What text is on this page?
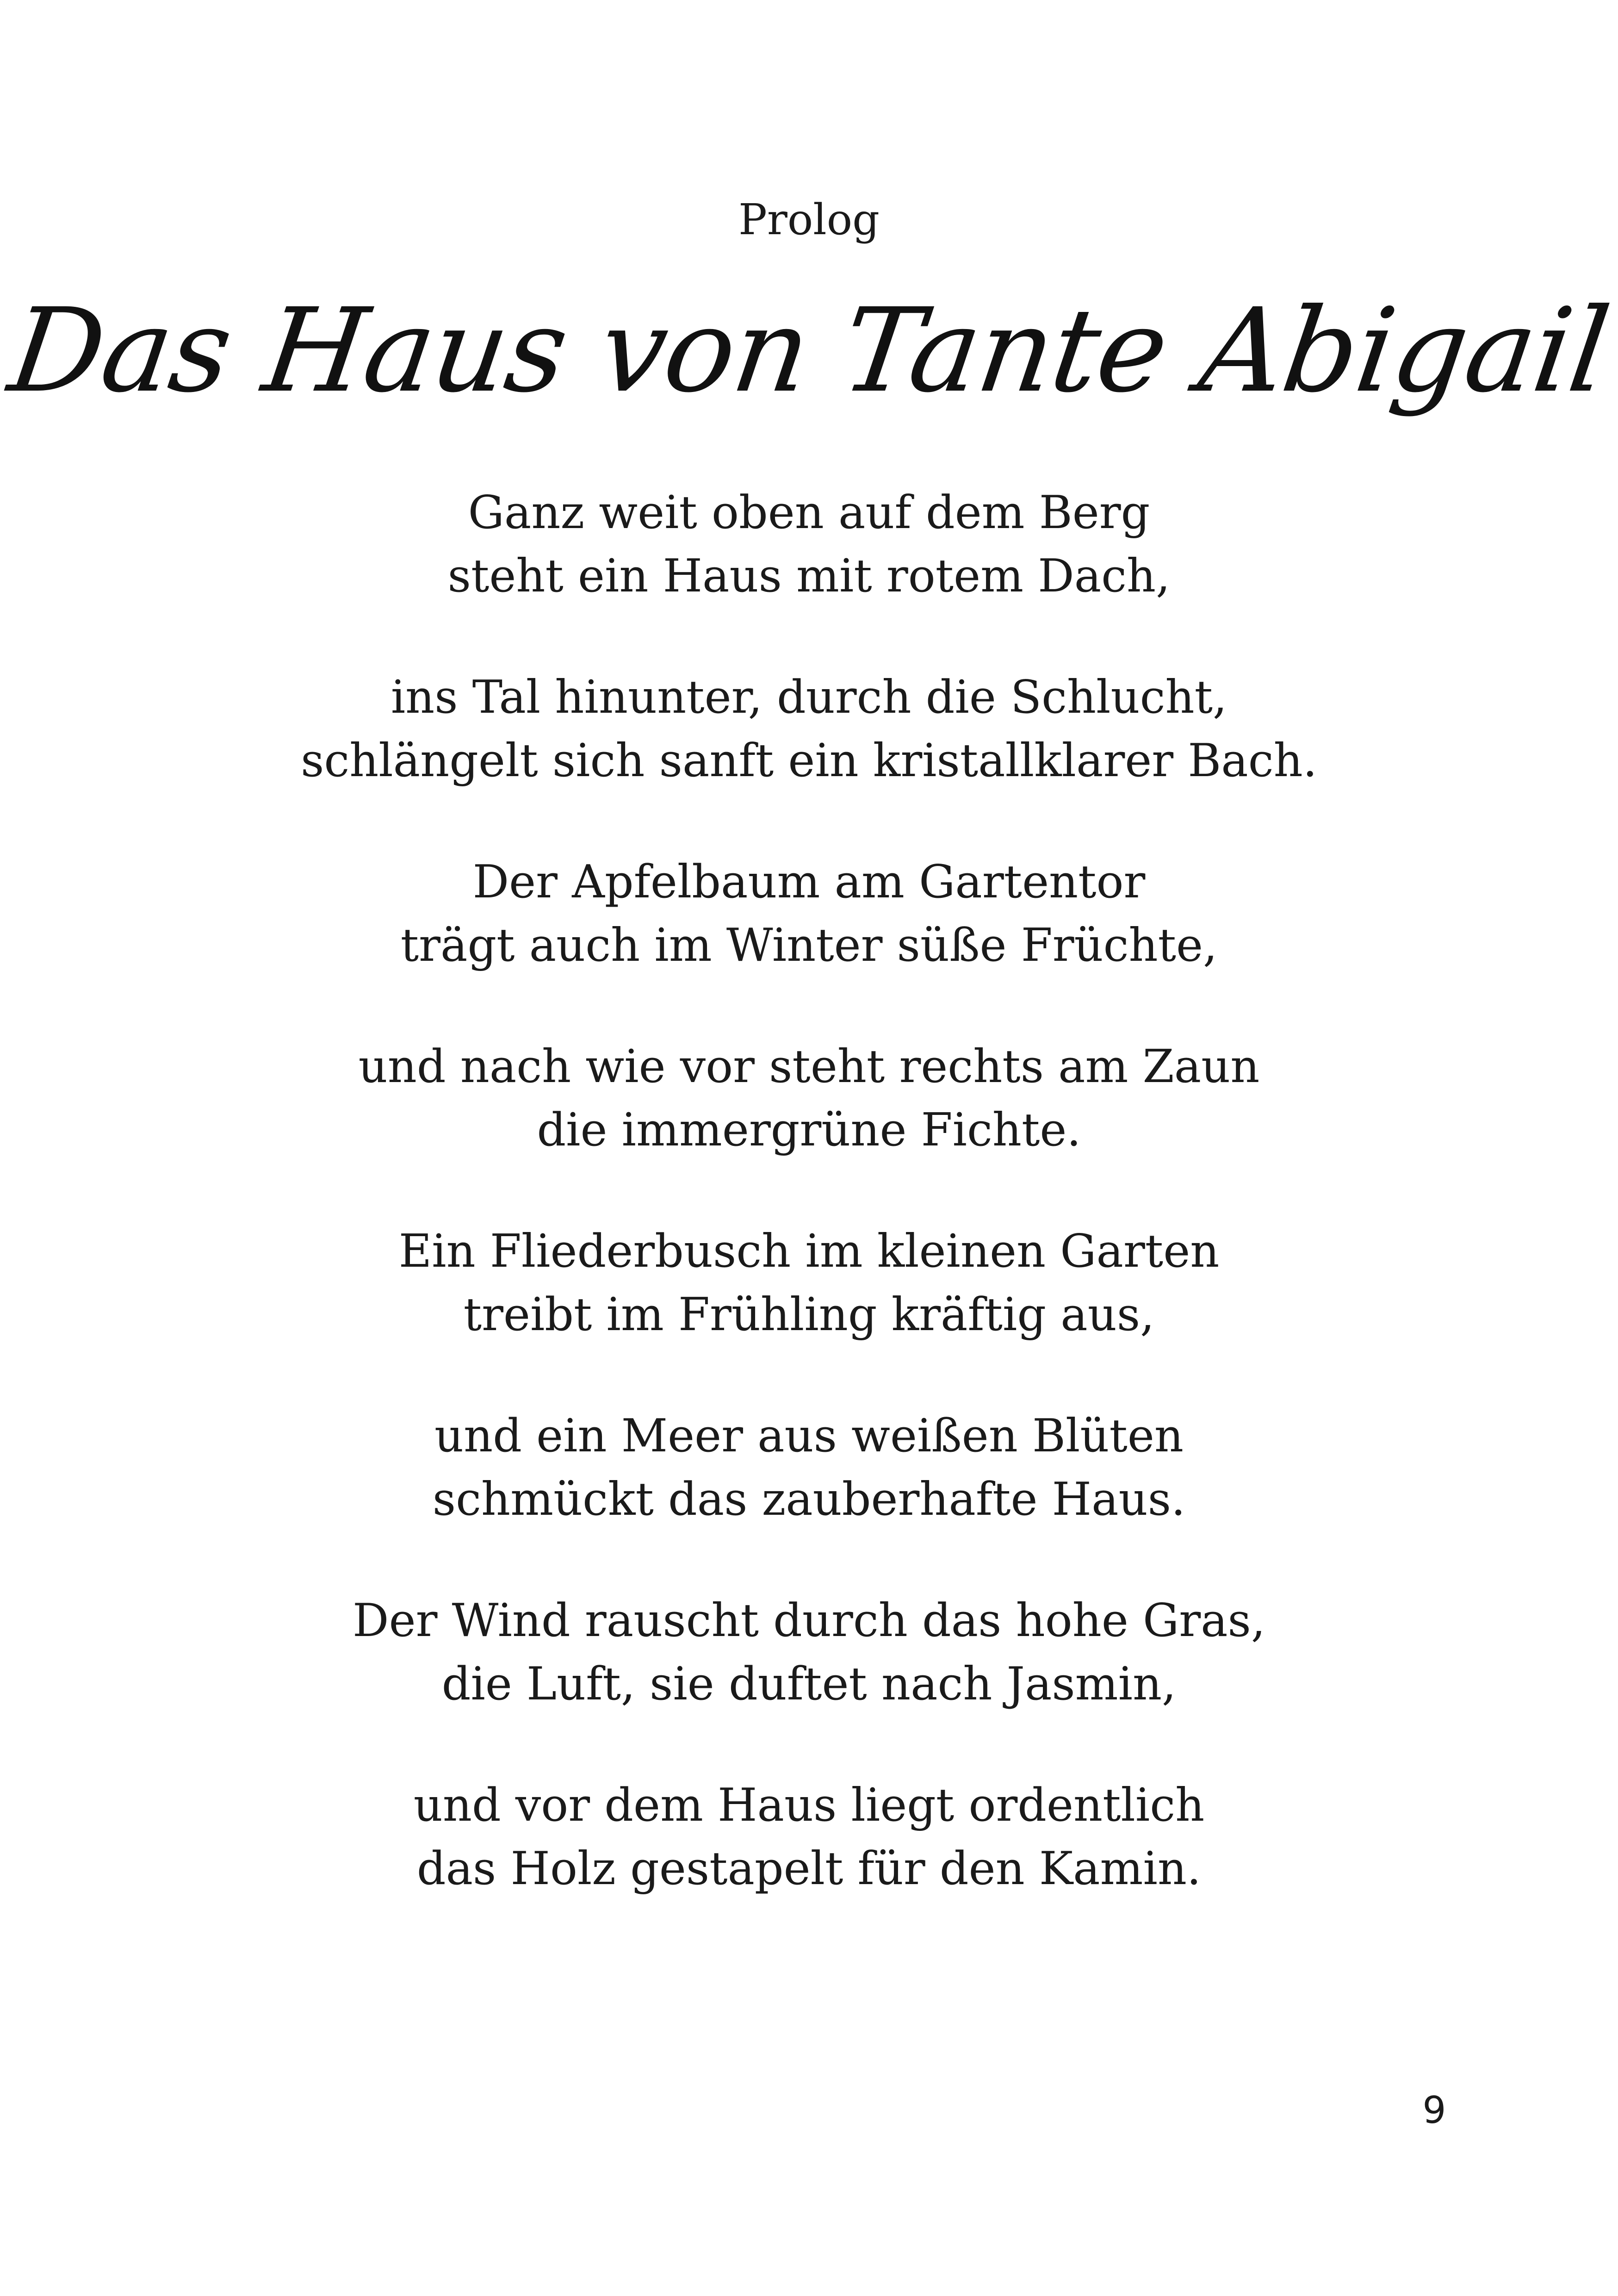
Prolog
Das Haus von Tante Abigail
Ganz weit oben auf dem Berg
steht ein Haus mit rotem Dach,
ins Tal hinunter, durch die Schlucht,
schlängelt sich sanft ein kristallklarer Bach.
Der Apfelbaum am Gartentor
trägt auch im Winter süße Früchte,
und nach wie vor steht rechts am Zaun
die immergrüne Fichte.
Ein Fliederbusch im kleinen Garten
treibt im Frühling kräftig aus,
und ein Meer aus weißen Blüten
schmückt das zauberhafte Haus.
Der Wind rauscht durch das hohe Gras,
die Luft, sie duftet nach Jasmin,
und vor dem Haus liegt ordentlich
das Holz gestapelt für den Kamin.
9
